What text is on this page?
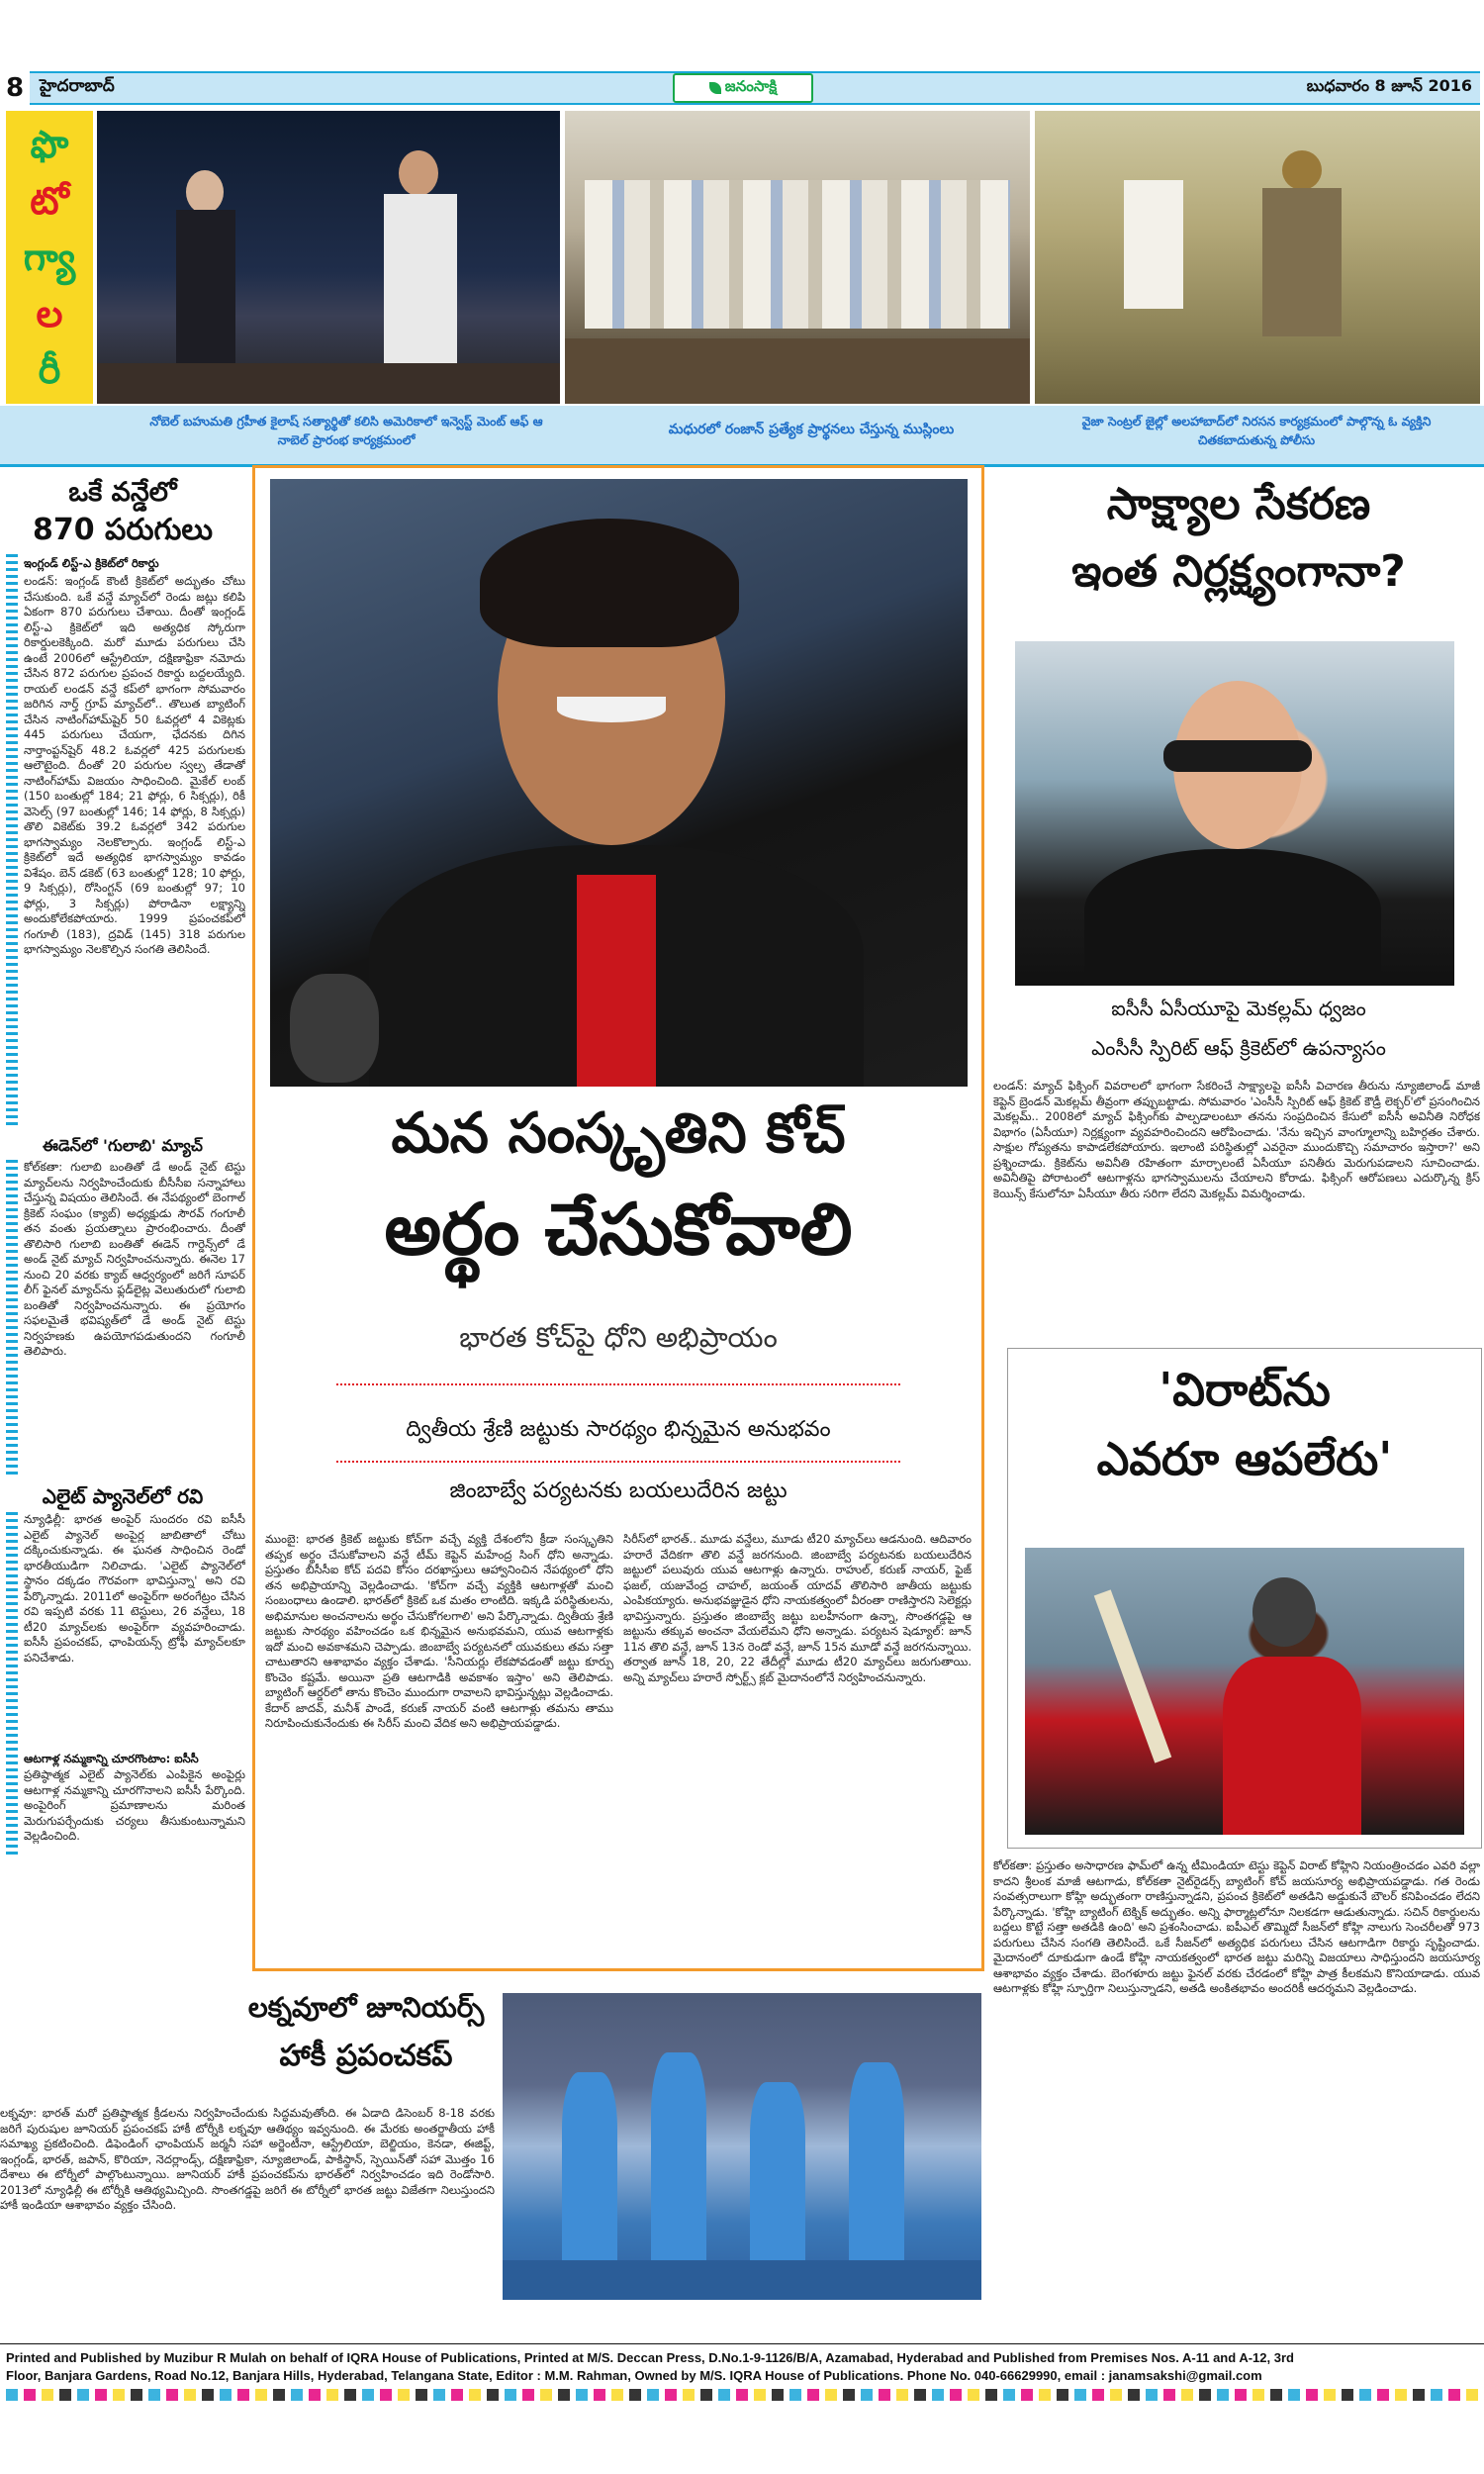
8 హైదరాబాద్	జనంసాక్షి	బుధవారం 8 జూన్ 2016
ఫొ
టో
గ్యా
ల
రీ
నోబెల్ బహుమతి గ్రహీత కైలాష్ సత్యార్థితో కలిసి అమెరికాలో ఇన్వెస్ట్ మెంట్ ఆఫ్ ఆ నాబెల్ ప్రారంభ కార్యక్రమంలో
మధురలో రంజాన్ ప్రత్యేక ప్రార్థనలు చేస్తున్న ముస్లింలు
వైజా సెంట్రల్ జైల్లో అలహాబాద్‌లో నిరసన కార్యక్రమంలో పాల్గొన్న ఓ వ్యక్తిని చితకబాదుతున్న పోలీసు
ఒకే వన్డేలో
870 పరుగులు
ఇంగ్లండ్ లిస్ట్-ఎ క్రికెట్‌లో రికార్డు
లండన్: ఇంగ్లండ్ కౌంటీ క్రికెట్‌లో అద్భుతం చోటు చేసుకుంది. ఒకే వన్డే మ్యాచ్‌లో రెండు జట్లు కలిపి ఏకంగా 870 పరుగులు చేశాయి. దీంతో ఇంగ్లండ్ లిస్ట్-ఎ క్రికెట్‌లో ఇది అత్యధిక స్కోరుగా రికార్డులకెక్కింది. మరో మూడు పరుగులు చేసి ఉంటే 2006లో ఆస్ట్రేలియా, దక్షిణాఫ్రికా నమోదు చేసిన 872 పరుగుల ప్రపంచ రికార్డు బద్దలయ్యేది. రాయల్ లండన్ వన్డే కప్‌లో భాగంగా సోమవారం జరిగిన నార్త్ గ్రూప్ మ్యాచ్‌లో.. తొలుత బ్యాటింగ్ చేసిన నాటింగ్‌హామ్‌షైర్ 50 ఓవర్లలో 4 వికెట్లకు 445 పరుగులు చేయగా, ఛేదనకు దిగిన నార్తాంప్టన్‌షైర్ 48.2 ఓవర్లలో 425 పరుగులకు ఆలౌటైంది. దీంతో 20 పరుగుల స్వల్ప తేడాతో నాటింగ్‌హామ్ విజయం సాధించింది. మైకేల్ లంబ్ (150 బంతుల్లో 184; 21 ఫోర్లు, 6 సిక్సర్లు), రికీ వెసెల్స్ (97 బంతుల్లో 146; 14 ఫోర్లు, 8 సిక్సర్లు) తొలి వికెట్‌కు 39.2 ఓవర్లలో 342 పరుగుల భాగస్వామ్యం నెలకొల్పారు. ఇంగ్లండ్ లిస్ట్-ఎ క్రికెట్‌లో ఇదే అత్యధిక భాగస్వామ్యం కావడం విశేషం. బెన్ డకెట్ (63 బంతుల్లో 128; 10 ఫోర్లు, 9 సిక్సర్లు), రోసింగ్టన్ (69 బంతుల్లో 97; 10 ఫోర్లు, 3 సిక్సర్లు) పోరాడినా లక్ష్యాన్ని అందుకోలేకపోయారు. 1999 ప్రపంచకప్‌లో గంగూలీ (183), ద్రవిడ్ (145) 318 పరుగుల భాగస్వామ్యం నెలకొల్పిన సంగతి తెలిసిందే.
ఈడెన్‌లో 'గులాబి' మ్యాచ్
కోల్‌కతా: గులాబి బంతితో డే అండ్ నైట్ టెస్టు మ్యాచ్‌లను నిర్వహించేందుకు బీసీసీఐ సన్నాహాలు చేస్తున్న విషయం తెలిసిందే. ఈ నేపథ్యంలో బెంగాల్ క్రికెట్ సంఘం (క్యాబ్) అధ్యక్షుడు సౌరవ్ గంగూలీ తన వంతు ప్రయత్నాలు ప్రారంభించారు. దీంతో తొలిసారి గులాబి బంతితో ఈడెన్ గార్డెన్స్‌లో డే అండ్ నైట్ మ్యాచ్ నిర్వహించనున్నారు. ఈనెల 17 నుంచి 20 వరకు క్యాబ్ ఆధ్వర్యంలో జరిగే సూపర్ లీగ్ ఫైనల్ మ్యాచ్‌ను ఫ్లడ్‌లైట్ల వెలుతురులో గులాబి బంతితో నిర్వహించనున్నారు. ఈ ప్రయోగం సఫలమైతే భవిష్యత్‌లో డే అండ్ నైట్ టెస్టు నిర్వహణకు ఉపయోగపడుతుందని గంగూలీ తెలిపారు.
ఎలైట్ ప్యానెల్‌లో రవి
న్యూఢిల్లీ: భారత అంపైర్ సుందరం రవి ఐసీసీ ఎలైట్ ప్యానెల్ అంపైర్ల జాబితాలో చోటు దక్కించుకున్నాడు. ఈ ఘనత సాధించిన రెండో భారతీయుడిగా నిలిచాడు. 'ఎలైట్ ప్యానెల్‌లో స్థానం దక్కడం గౌరవంగా భావిస్తున్నా' అని రవి పేర్కొన్నాడు. 2011లో అంపైర్‌గా అరంగేట్రం చేసిన రవి ఇప్పటి వరకు 11 టెస్టులు, 26 వన్డేలు, 18 టీ20 మ్యాచ్‌లకు అంపైర్‌గా వ్యవహరించాడు. ఐసీసీ ప్రపంచకప్, ఛాంపియన్స్ ట్రోఫీ మ్యాచ్‌లకూ పనిచేశాడు.
ఆటగాళ్ల నమ్మకాన్ని చూరగొంటాం: ఐసీసీ
ప్రతిష్ఠాత్మక ఎలైట్ ప్యానెల్‌కు ఎంపికైన అంపైర్లు ఆటగాళ్ల నమ్మకాన్ని చూరగొనాలని ఐసీసీ పేర్కొంది. అంపైరింగ్ ప్రమాణాలను మరింత మెరుగుపర్చేందుకు చర్యలు తీసుకుంటున్నామని వెల్లడించింది.
మన సంస్కృతిని కోచ్
అర్థం చేసుకోవాలి
భారత కోచ్‌పై ధోని అభిప్రాయం
ద్వితీయ శ్రేణి జట్టుకు సారథ్యం భిన్నమైన అనుభవం
జింబాబ్వే పర్యటనకు బయలుదేరిన జట్టు
ముంబై: భారత క్రికెట్ జట్టుకు కోచ్‌గా వచ్చే వ్యక్తి దేశంలోని క్రీడా సంస్కృతిని తప్పక అర్థం చేసుకోవాలని వన్డే టీమ్ కెప్టెన్ మహేంద్ర సింగ్ ధోని అన్నాడు. ప్రస్తుతం బీసీసీఐ కోచ్ పదవి కోసం దరఖాస్తులు ఆహ్వానించిన నేపథ్యంలో ధోని తన అభిప్రాయాన్ని వెల్లడించాడు. 'కోచ్‌గా వచ్చే వ్యక్తికి ఆటగాళ్లతో మంచి సంబంధాలు ఉండాలి. భారత్‌లో క్రికెట్ ఒక మతం లాంటిది. ఇక్కడి పరిస్థితులను, అభిమానుల అంచనాలను అర్థం చేసుకోగలగాలి' అని పేర్కొన్నాడు. ద్వితీయ శ్రేణి జట్టుకు సారథ్యం వహించడం ఒక భిన్నమైన అనుభవమని, యువ ఆటగాళ్లకు ఇదో మంచి అవకాశమని చెప్పాడు. జింబాబ్వే పర్యటనలో యువకులు తమ సత్తా చాటుతారని ఆశాభావం వ్యక్తం చేశాడు. 'సీనియర్లు లేకపోవడంతో జట్టు కూర్పు కొంచెం కష్టమే. అయినా ప్రతి ఆటగాడికి అవకాశం ఇస్తాం' అని తెలిపాడు. బ్యాటింగ్ ఆర్డర్‌లో తాను కొంచెం ముందుగా రావాలని భావిస్తున్నట్లు వెల్లడించాడు. కేదార్ జాదవ్, మనీశ్ పాండే, కరుణ్ నాయర్ వంటి ఆటగాళ్లు తమను తాము నిరూపించుకునేందుకు ఈ సిరీస్ మంచి వేదిక అని అభిప్రాయపడ్డాడు.
సిరీస్‌లో భారత్.. మూడు వన్డేలు, మూడు టీ20 మ్యాచ్‌లు ఆడనుంది. ఆదివారం హరారే వేదికగా తొలి వన్డే జరగనుంది. జింబాబ్వే పర్యటనకు బయలుదేరిన జట్టులో పలువురు యువ ఆటగాళ్లు ఉన్నారు. రాహుల్, కరుణ్ నాయర్, ఫైజ్ ఫజల్, యజువేంద్ర చాహల్, జయంత్ యాదవ్ తొలిసారి జాతీయ జట్టుకు ఎంపికయ్యారు. అనుభవజ్ఞుడైన ధోని నాయకత్వంలో వీరంతా రాణిస్తారని సెలెక్టర్లు భావిస్తున్నారు. ప్రస్తుతం జింబాబ్వే జట్టు బలహీనంగా ఉన్నా, సొంతగడ్డపై ఆ జట్టును తక్కువ అంచనా వేయలేమని ధోని అన్నాడు. పర్యటన షెడ్యూల్: జూన్ 11న తొలి వన్డే, జూన్ 13న రెండో వన్డే, జూన్ 15న మూడో వన్డే జరగనున్నాయి. తర్వాత జూన్ 18, 20, 22 తేదీల్లో మూడు టీ20 మ్యాచ్‌లు జరుగుతాయి. అన్ని మ్యాచ్‌లు హరారే స్పోర్ట్స్ క్లబ్ మైదానంలోనే నిర్వహించనున్నారు.
లక్నవూలో జూనియర్స్
హాకీ ప్రపంచకప్
లక్నవూ: భారత్ మరో ప్రతిష్ఠాత్మక క్రీడలను నిర్వహించేందుకు సిద్ధమవుతోంది. ఈ ఏడాది డిసెంబర్ 8-18 వరకు జరిగే పురుషుల జూనియర్ ప్రపంచకప్ హాకీ టోర్నీకి లక్నవూ ఆతిథ్యం ఇవ్వనుంది. ఈ మేరకు అంతర్జాతీయ హాకీ సమాఖ్య ప్రకటించింది. డిఫెండింగ్ ఛాంపియన్ జర్మనీ సహా అర్జెంటీనా, ఆస్ట్రేలియా, బెల్జియం, కెనడా, ఈజిప్ట్, ఇంగ్లండ్, భారత్, జపాన్, కొరియా, నెదర్లాండ్స్, దక్షిణాఫ్రికా, న్యూజిలాండ్, పాకిస్థాన్, స్పెయిన్‌తో సహా మొత్తం 16 దేశాలు ఈ టోర్నీలో పాల్గొంటున్నాయి. జూనియర్ హాకీ ప్రపంచకప్‌ను భారత్‌లో నిర్వహించడం ఇది రెండోసారి. 2013లో న్యూఢిల్లీ ఈ టోర్నీకి ఆతిథ్యమిచ్చింది. సొంతగడ్డపై జరిగే ఈ టోర్నీలో భారత జట్టు విజేతగా నిలుస్తుందని హాకీ ఇండియా ఆశాభావం వ్యక్తం చేసింది.
సాక్ష్యాల సేకరణ
ఇంత నిర్లక్ష్యంగానా?
ఐసీసీ ఏసీయూపై మెకల్లమ్ ధ్వజం
ఎంసీసీ స్పిరిట్ ఆఫ్ క్రికెట్‌లో ఉపన్యాసం
లండన్: మ్యాచ్ ఫిక్సింగ్ వివరాలలో భాగంగా సేకరించే సాక్ష్యాలపై ఐసీసీ విచారణ తీరును న్యూజిలాండ్ మాజీ కెప్టెన్ బ్రెండన్ మెకల్లమ్ తీవ్రంగా తప్పుబట్టాడు. సోమవారం 'ఎంసీసీ స్పిరిట్ ఆఫ్ క్రికెట్ కౌడ్రీ లెక్చర్'లో ప్రసంగించిన మెకల్లమ్.. 2008లో మ్యాచ్ ఫిక్సింగ్‌కు పాల్పడాలంటూ తనను సంప్రదించిన కేసులో ఐసీసీ అవినీతి నిరోధక విభాగం (ఏసీయూ) నిర్లక్ష్యంగా వ్యవహరించిందని ఆరోపించాడు. 'నేను ఇచ్చిన వాంగ్మూలాన్ని బహిర్గతం చేశారు. సాక్షుల గోప్యతను కాపాడలేకపోయారు. ఇలాంటి పరిస్థితుల్లో ఎవరైనా ముందుకొచ్చి సమాచారం ఇస్తారా?' అని ప్రశ్నించాడు. క్రికెట్‌ను అవినీతి రహితంగా మార్చాలంటే ఏసీయూ పనితీరు మెరుగుపడాలని సూచించాడు. అవినీతిపై పోరాటంలో ఆటగాళ్లను భాగస్వాములను చేయాలని కోరాడు. ఫిక్సింగ్ ఆరోపణలు ఎదుర్కొన్న క్రిస్ కెయిన్స్ కేసులోనూ ఏసీయూ తీరు సరిగా లేదని మెకల్లమ్ విమర్శించాడు.
'విరాట్‌ను
ఎవరూ ఆపలేరు'
కోల్‌కతా: ప్రస్తుతం అసాధారణ ఫామ్‌లో ఉన్న టీమిండియా టెస్టు కెప్టెన్ విరాట్ కోహ్లిని నియంత్రించడం ఎవరి వల్లా కాదని శ్రీలంక మాజీ ఆటగాడు, కోల్‌కతా నైట్‌రైడర్స్ బ్యాటింగ్ కోచ్ జయసూర్య అభిప్రాయపడ్డాడు. గత రెండు సంవత్సరాలుగా కోహ్లి అద్భుతంగా రాణిస్తున్నాడని, ప్రపంచ క్రికెట్‌లో అతడిని అడ్డుకునే బౌలర్ కనిపించడం లేదని పేర్కొన్నాడు. 'కోహ్లి బ్యాటింగ్ టెక్నిక్ అద్భుతం. అన్ని ఫార్మాట్లలోనూ నిలకడగా ఆడుతున్నాడు. సచిన్ రికార్డులను బద్దలు కొట్టే సత్తా అతడికి ఉంది' అని ప్రశంసించాడు. ఐపీఎల్ తొమ్మిదో సీజన్‌లో కోహ్లి నాలుగు సెంచరీలతో 973 పరుగులు చేసిన సంగతి తెలిసిందే. ఒకే సీజన్‌లో అత్యధిక పరుగులు చేసిన ఆటగాడిగా రికార్డు సృష్టించాడు. మైదానంలో దూకుడుగా ఉండే కోహ్లి నాయకత్వంలో భారత జట్టు మరిన్ని విజయాలు సాధిస్తుందని జయసూర్య ఆశాభావం వ్యక్తం చేశాడు. బెంగళూరు జట్టు ఫైనల్ వరకు చేరడంలో కోహ్లి పాత్ర కీలకమని కొనియాడాడు. యువ ఆటగాళ్లకు కోహ్లి స్ఫూర్తిగా నిలుస్తున్నాడని, అతడి అంకితభావం అందరికీ ఆదర్శమని వెల్లడించాడు.
Printed and Published by Muzibur R Mulah on behalf of IQRA House of Publications, Printed at M/S. Deccan Press, D.No.1-9-1126/B/A, Azamabad, Hyderabad and Published from Premises Nos. A-11 and A-12, 3rd
Floor, Banjara Gardens, Road No.12, Banjara Hills, Hyderabad, Telangana State, Editor : M.M. Rahman, Owned by M/S. IQRA House of Publications. Phone No. 040-66629990, email : janamsakshi@gmail.com
